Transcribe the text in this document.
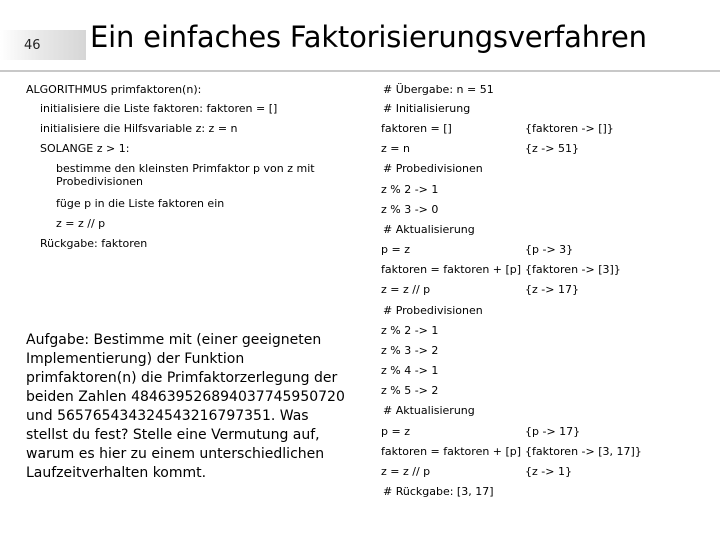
46 Ein einfaches Faktorisierungsverfahren
ALGORITHMUS primfaktoren(n):
initialisiere die Liste faktoren: faktoren = []
initialisiere die Hilfsvariable z: z = n
SOLANGE z > 1:
bestimme den kleinsten Primfaktor p von z mit Probedivisionen
füge p in die Liste faktoren ein
z = z // p
Rückgabe: faktoren
# Übergabe: n = 51
# Initialisierung
faktoren = []
z = n
# Probedivisionen
z % 2 -> 1
z % 3 -> 0
# Aktualisierung
p = z
faktoren = faktoren + [p]
z = z // p
# Probedivisionen
z % 2 -> 1
z % 3 -> 2
z % 4 -> 1
z % 5 -> 2
# Aktualisierung
p = z
faktoren = faktoren + [p]
z = z // p
# Rückgabe: [3, 17]
{faktoren -> []}
{z -> 51}
{p -> 3}
{faktoren -> [3]}
{z -> 17}
{p -> 17}
{faktoren -> [3, 17]}
{z -> 1}
Aufgabe: Bestimme mit (einer geeigneten Implementierung) der Funktion primfaktoren(n) die Primfaktorzerlegung der beiden Zahlen 484639526894037745950720 und 565765434324543216797351. Was stellst du fest? Stelle eine Vermutung auf, warum es hier zu einem unterschiedlichen Laufzeitverhalten kommt.
